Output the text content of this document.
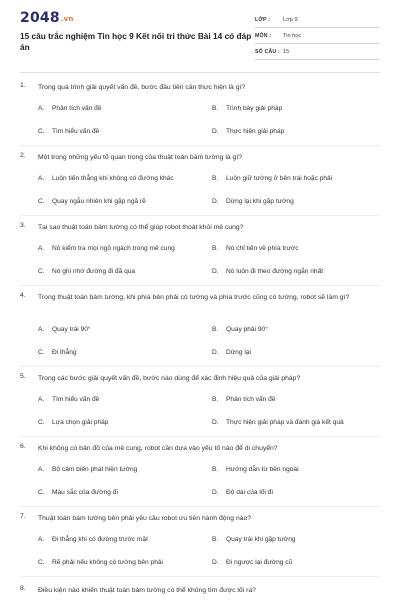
2048.vn
15 câu trắc nghiệm Tin học 9 Kết nối tri thức Bài 14 có đáp án
LỚP :	Lớp 9
MÔN :	Tin học
SỐ CÂU : 15
1. Trong quá trình giải quyết vấn đề, bước đầu tiên cần thực hiện là gì?
A.	Phân tích vấn đề	B.	Trình bày giải pháp
C.	Tìm hiểu vấn đề	D.	Thực hiện giải pháp
2. Một trong những yếu tố quan trọng của thuật toán bám tường là gì?
A.	Luôn tiến thẳng khi không có đường khác	B.	Luôn giữ tường ở bên trái hoặc phải
C.	Quay ngẫu nhiên khi gặp ngã rẽ	D.	Dừng lại khi gặp tường
3. Tại sao thuật toán bám tường có thể giúp robot thoát khỏi mê cung?
A.	Nó kiểm tra mọi ngõ ngách trong mê cung	B.	Nó chỉ tiến về phía trước
C.	Nó ghi nhớ đường đi đã qua	D.	Nó luôn đi theo đường ngắn nhất
4. Trong thuật toán bám tường, khi phía bên phải có tường và phía trước cũng có tường, robot sẽ làm gì?
A.	Quay trái 90°	B.	Quay phải 90°
C.	Đi thẳng	D.	Dừng lại
5. Trong các bước giải quyết vấn đề, bước nào dùng để xác định hiệu quả của giải pháp?
A.	Tìm hiểu vấn đề	B.	Phân tích vấn đề
C.	Lựa chọn giải pháp	D.	Thực hiện giải pháp và đánh giá kết quả
6. Khi không có bản đồ của mê cung, robot cần dựa vào yếu tố nào để di chuyển?
A.	Bộ cảm biến phát hiện tường	B.	Hướng dẫn từ bên ngoài
C.	Màu sắc của đường đi	D.	Độ dài của lối đi
7. Thuật toán bám tường bên phải yêu cầu robot ưu tiên hành động nào?
A.	Đi thẳng khi có đường trước mặt	B.	Quay trái khi gặp tường
C.	Rẽ phải nếu không có tường bên phải	D.	Đi ngược lại đường cũ
8. Điều kiện nào khiến thuật toán bám tường có thể không tìm được lối ra?
